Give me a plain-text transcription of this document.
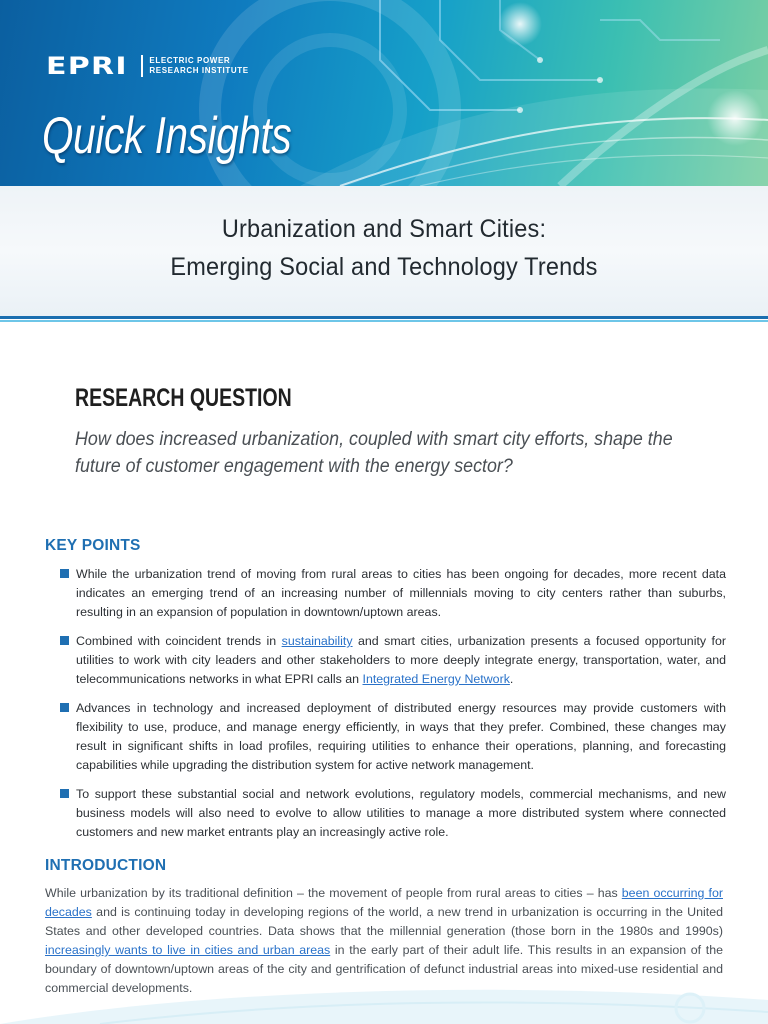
EPRI	ELECTRIC POWER
RESEARCH INSTITUTE
Quick Insights
Urbanization and Smart Cities:
Emerging Social and Technology Trends
RESEARCH QUESTION
How does increased urbanization, coupled with smart city efforts, shape the future of customer engagement with the energy sector?
KEY POINTS
While the urbanization trend of moving from rural areas to cities has been ongoing for decades, more recent data indicates an emerging trend of an increasing number of millennials moving to city centers rather than suburbs, resulting in an expansion of population in downtown/uptown areas.
Combined with coincident trends in sustainability and smart cities, urbanization presents a focused opportunity for utilities to work with city leaders and other stakeholders to more deeply integrate energy, transportation, water, and telecommunications networks in what EPRI calls an Integrated Energy Network.
Advances in technology and increased deployment of distributed energy resources may provide customers with flexibility to use, produce, and manage energy efficiently, in ways that they prefer. Combined, these changes may result in significant shifts in load profiles, requiring utilities to enhance their operations, planning, and forecasting capabilities while upgrading the distribution system for active network management.
To support these substantial social and network evolutions, regulatory models, commercial mechanisms, and new business models will also need to evolve to allow utilities to manage a more distributed system where connected customers and new market entrants play an increasingly active role.
INTRODUCTION
While urbanization by its traditional definition – the movement of people from rural areas to cities – has been occurring for decades and is continuing today in developing regions of the world, a new trend in urbanization is occurring in the United States and other developed countries. Data shows that the millennial generation (those born in the 1980s and 1990s) increasingly wants to live in cities and urban areas in the early part of their adult life. This results in an expansion of the boundary of downtown/uptown areas of the city and gentrification of defunct industrial areas into mixed-use residential and commercial developments.
